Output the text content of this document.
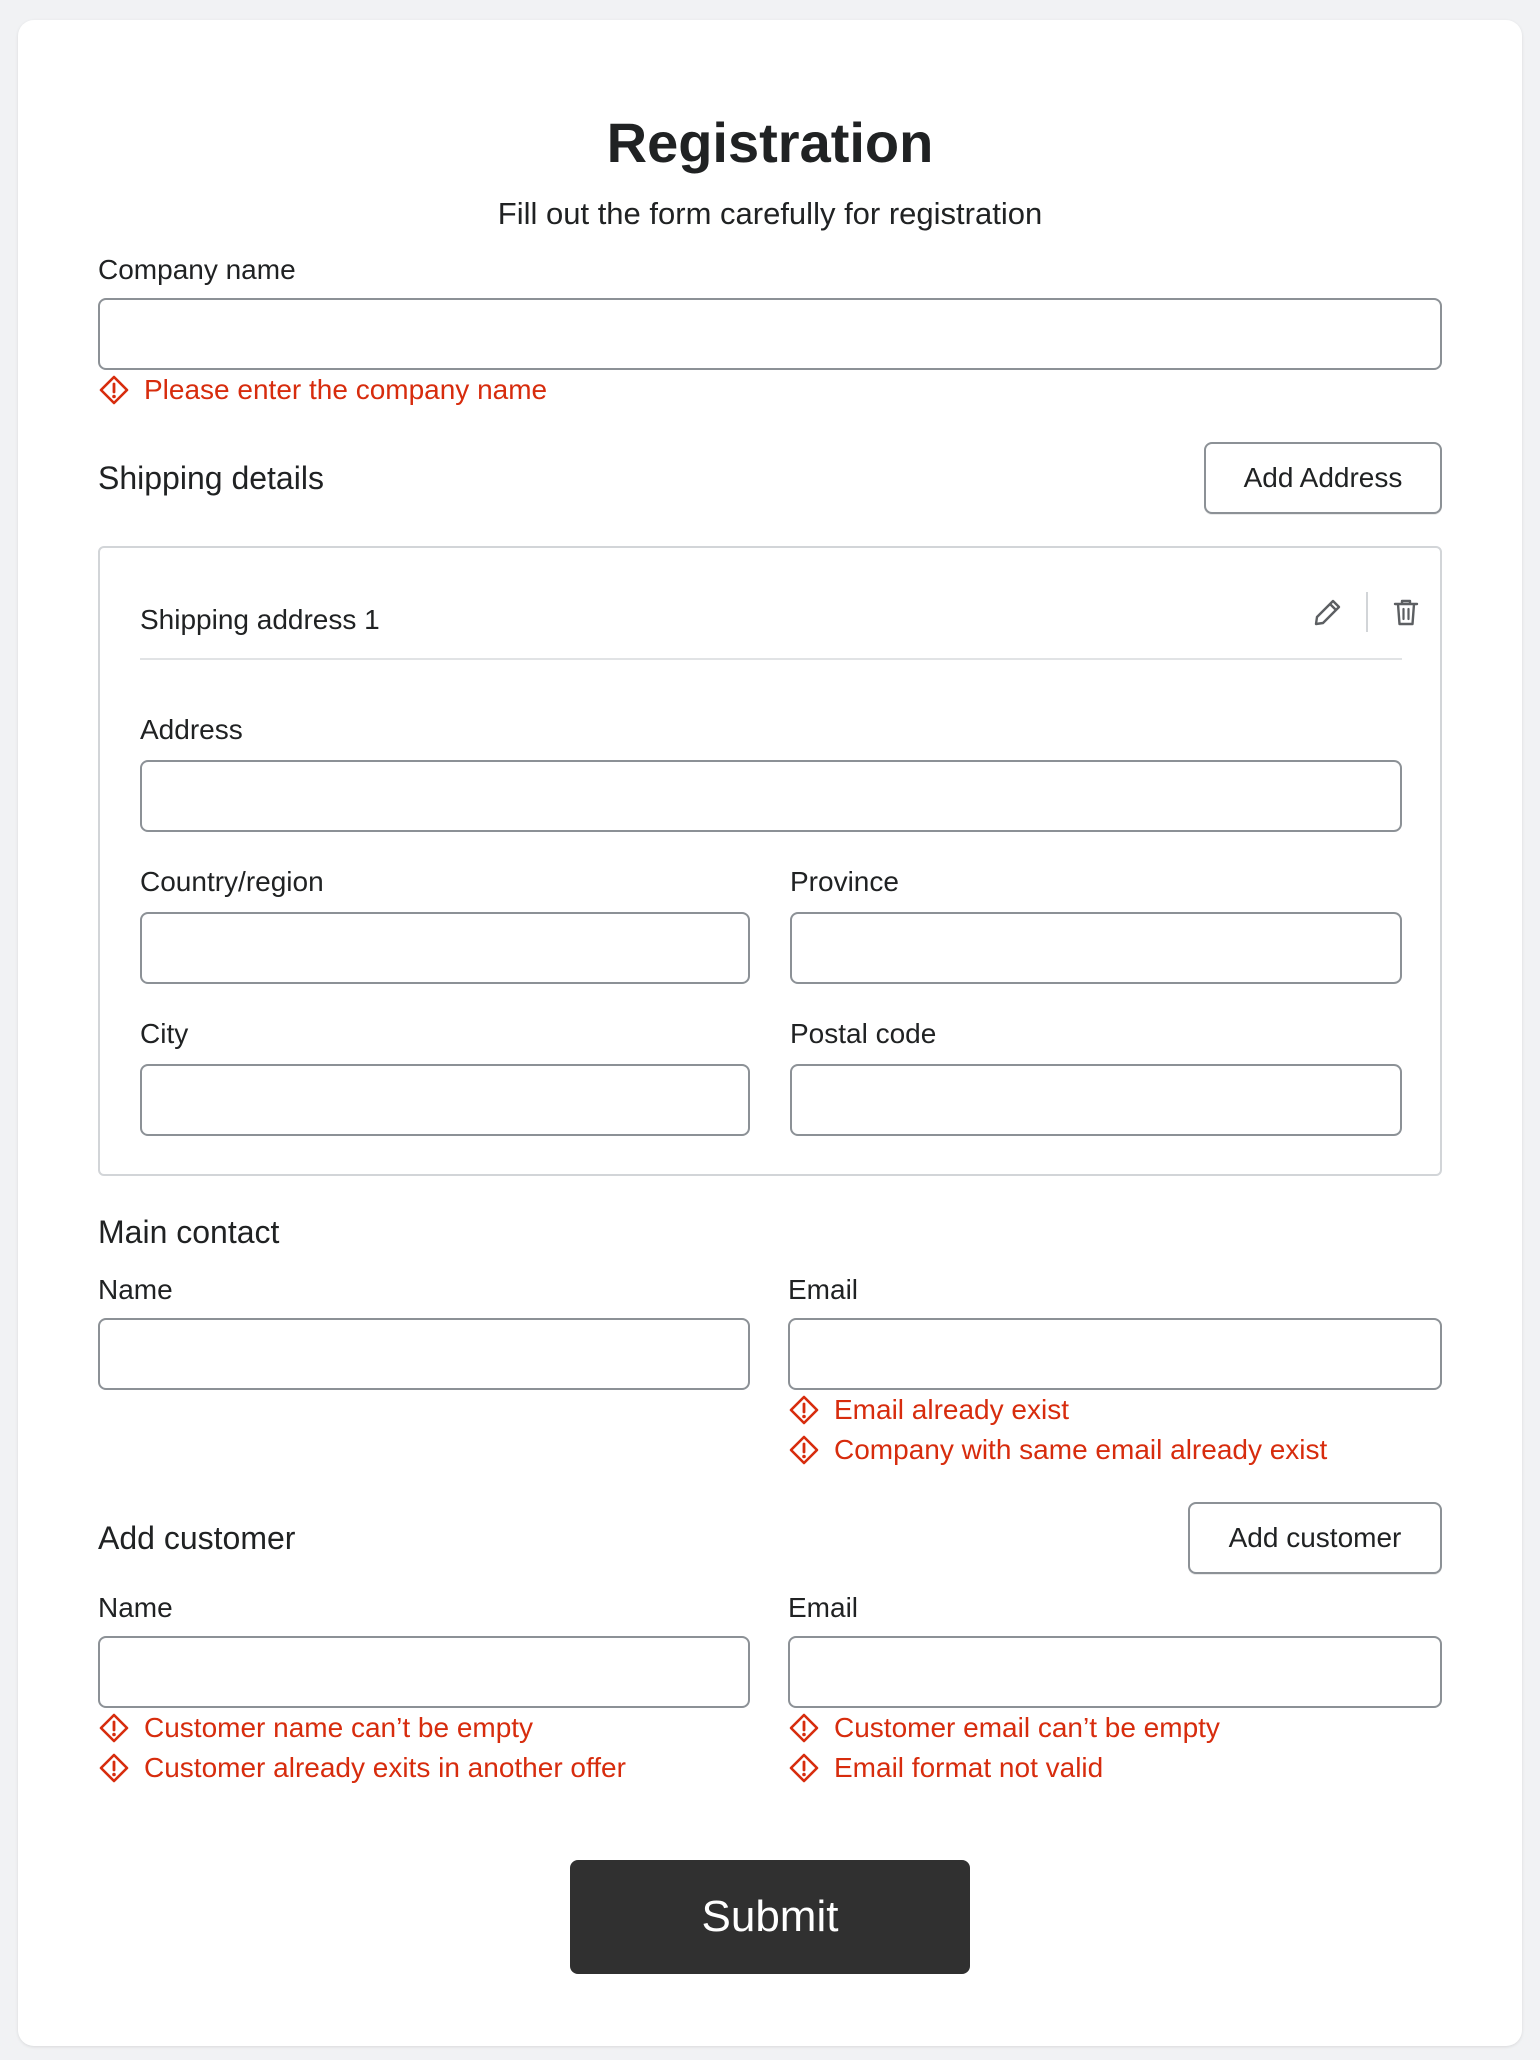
Registration
Fill out the form carefully for registration
Company name
Please enter the company name
Shipping details	Add Address
Shipping address 1
Address
Country/region	Province
City	Postal code
Main contact
Name	Email
Email already exist
Company with same email already exist
Add customer	Add customer
Name	Email
Customer name can’t be empty
Customer already exits in another offer
Customer email can’t be empty
Email format not valid
Submit
